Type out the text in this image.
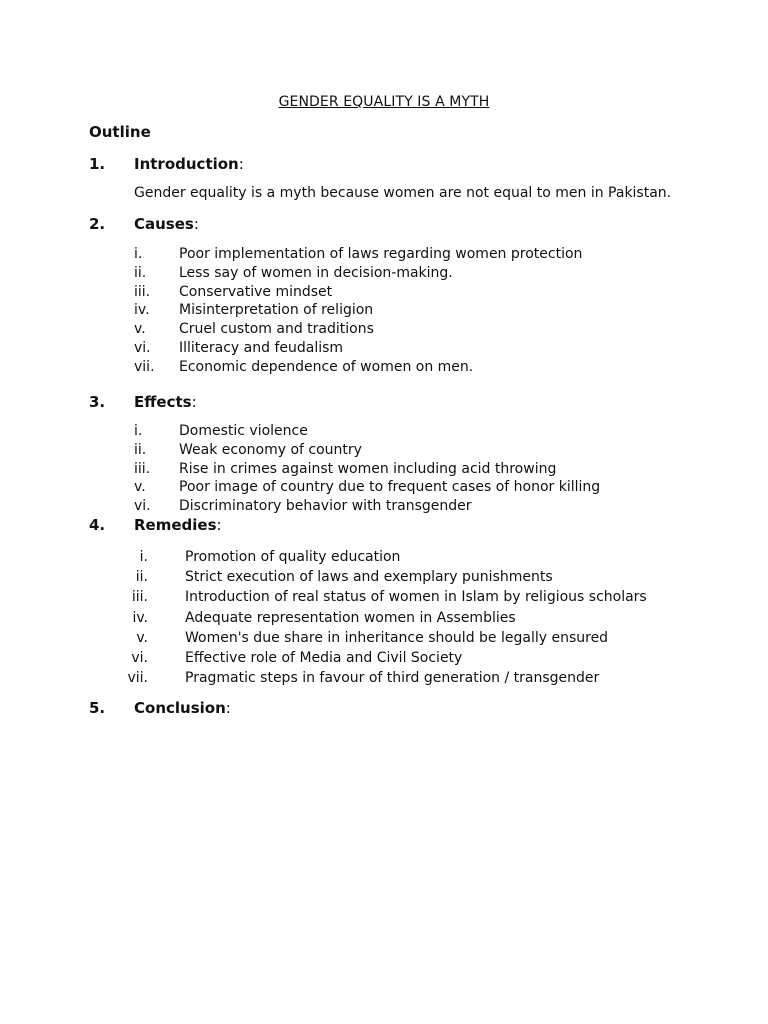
GENDER EQUALITY IS A MYTH
Outline
1. Introduction:
Gender equality is a myth because women are not equal to men in Pakistan.
2. Causes:
i.	Poor implementation of laws regarding women protection
ii.	Less say of women in decision-making.
iii.	Conservative mindset
iv.	Misinterpretation of religion
v.	Cruel custom and traditions
vi.	Illiteracy and feudalism
vii.	Economic dependence of women on men.
3. Effects:
i.	Domestic violence
ii.	Weak economy of country
iii.	Rise in crimes against women including acid throwing
v.	Poor image of country due to frequent cases of honor killing
vi.	Discriminatory behavior with transgender
4. Remedies:
i.	Promotion of quality education
ii.	Strict execution of laws and exemplary punishments
iii.	Introduction of real status of women in Islam by religious scholars
iv.	Adequate representation women in Assemblies
v.	Women's due share in inheritance should be legally ensured
vi.	Effective role of Media and Civil Society
vii.	Pragmatic steps in favour of third generation / transgender
5. Conclusion:
